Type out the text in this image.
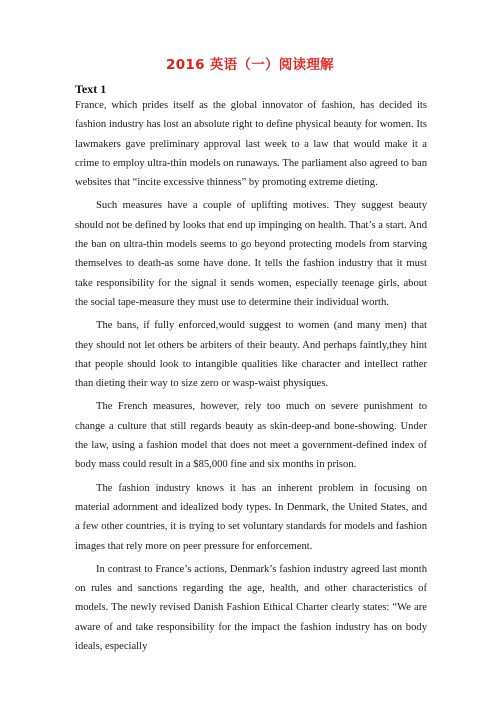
2016 英语（一）阅读理解
Text 1

France, which prides itself as the global innovator of fashion, has decided its fashion industry has lost an absolute right to define physical beauty for women. Its lawmakers gave preliminary approval last week to a law that would make it a crime to employ ultra-thin models on runaways. The parliament also agreed to ban websites that “incite excessive thinness” by promoting extreme dieting.

Such measures have a couple of uplifting motives. They suggest beauty should not be defined by looks that end up impinging on health. That’s a start. And the ban on ultra-thin models seems to go beyond protecting models from starving themselves to death-as some have done. It tells the fashion industry that it must take responsibility for the signal it sends women, especially teenage girls, about the social tape-measure they must use to determine their individual worth.

The bans, if fully enforced,would suggest to women (and many men) that they should not let others be arbiters of their beauty. And perhaps faintly,they hint that people should look to intangible qualities like character and intellect rather than dieting their way to size zero or wasp-waist physiques.

The French measures, however, rely too much on severe punishment to change a culture that still regards beauty as skin-deep-and bone-showing. Under the law, using a fashion model that does not meet a government-defined index of body mass could result in a $85,000 fine and six months in prison.

The fashion industry knows it has an inherent problem in focusing on material adornment and idealized body types. In Denmark, the United States, and a few other countries, it is trying to set voluntary standards for models and fashion images that rely more on peer pressure for enforcement.

In contrast to France’s actions, Denmark’s fashion industry agreed last month on rules and sanctions regarding the age, health, and other characteristics of models. The newly revised Danish Fashion Ethical Charter clearly states: “We are aware of and take responsibility for the impact the fashion industry has on body ideals, especially
